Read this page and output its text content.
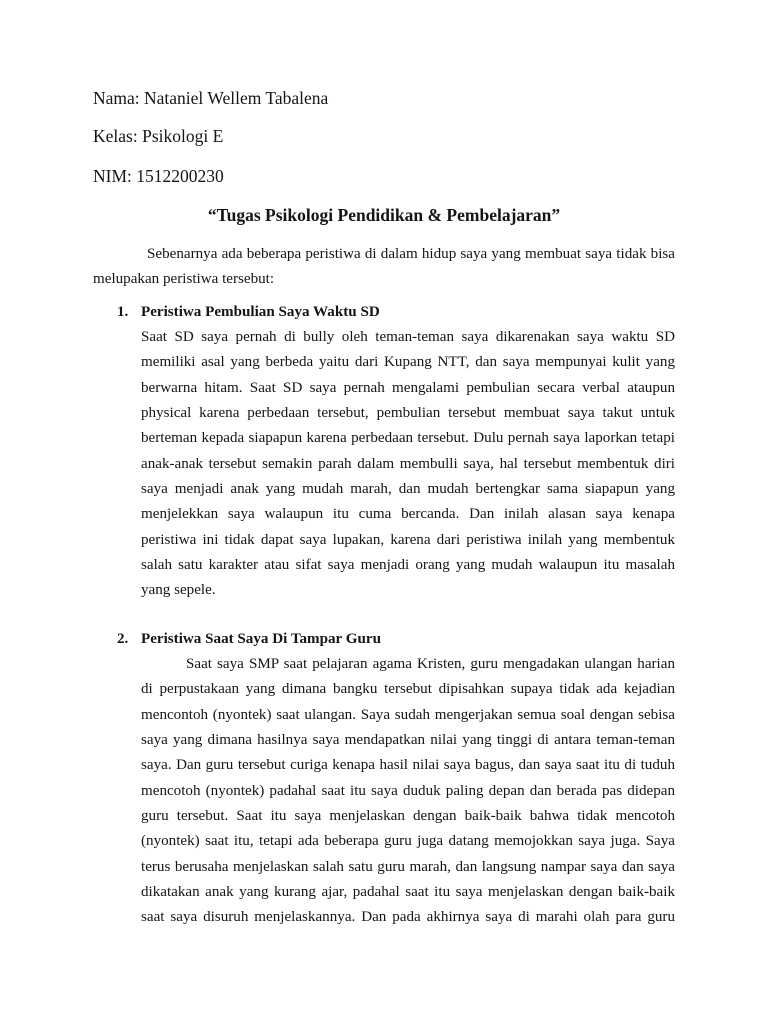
Nama: Nataniel Wellem Tabalena
Kelas: Psikologi E
NIM: 1512200230
“Tugas Psikologi Pendidikan & Pembelajaran”
Sebenarnya ada beberapa peristiwa di dalam hidup saya yang membuat saya tidak bisa
melupakan peristiwa tersebut:
1. Peristiwa Pembulian Saya Waktu SD
Saat SD saya pernah di bully oleh teman-teman saya dikarenakan saya waktu SD
memiliki asal yang berbeda yaitu dari Kupang NTT, dan saya mempunyai kulit yang
berwarna hitam. Saat SD saya pernah mengalami pembulian secara verbal ataupun
physical karena perbedaan tersebut, pembulian tersebut membuat saya takut untuk
berteman kepada siapapun karena perbedaan tersebut. Dulu pernah saya laporkan tetapi
anak-anak tersebut semakin parah dalam membulli saya, hal tersebut membentuk diri
saya menjadi anak yang mudah marah, dan mudah bertengkar sama siapapun yang
menjelekkan saya walaupun itu cuma bercanda. Dan inilah alasan saya kenapa
peristiwa ini tidak dapat saya lupakan, karena dari peristiwa inilah yang membentuk
salah satu karakter atau sifat saya menjadi orang yang mudah walaupun itu masalah
yang sepele.
2. Peristiwa Saat Saya Di Tampar Guru
Saat saya SMP saat pelajaran agama Kristen, guru mengadakan ulangan harian
di perpustakaan yang dimana bangku tersebut dipisahkan supaya tidak ada kejadian
mencontoh (nyontek) saat ulangan. Saya sudah mengerjakan semua soal dengan sebisa
saya yang dimana hasilnya saya mendapatkan nilai yang tinggi di antara teman-teman
saya. Dan guru tersebut curiga kenapa hasil nilai saya bagus, dan saya saat itu di tuduh
mencotoh (nyontek) padahal saat itu saya duduk paling depan dan berada pas didepan
guru tersebut. Saat itu saya menjelaskan dengan baik-baik bahwa tidak mencotoh
(nyontek) saat itu, tetapi ada beberapa guru juga datang memojokkan saya juga. Saya
terus berusaha menjelaskan salah satu guru marah, dan langsung nampar saya dan saya
dikatakan anak yang kurang ajar, padahal saat itu saya menjelaskan dengan baik-baik
saat saya disuruh menjelaskannya. Dan pada akhirnya saya di marahi olah para guru
